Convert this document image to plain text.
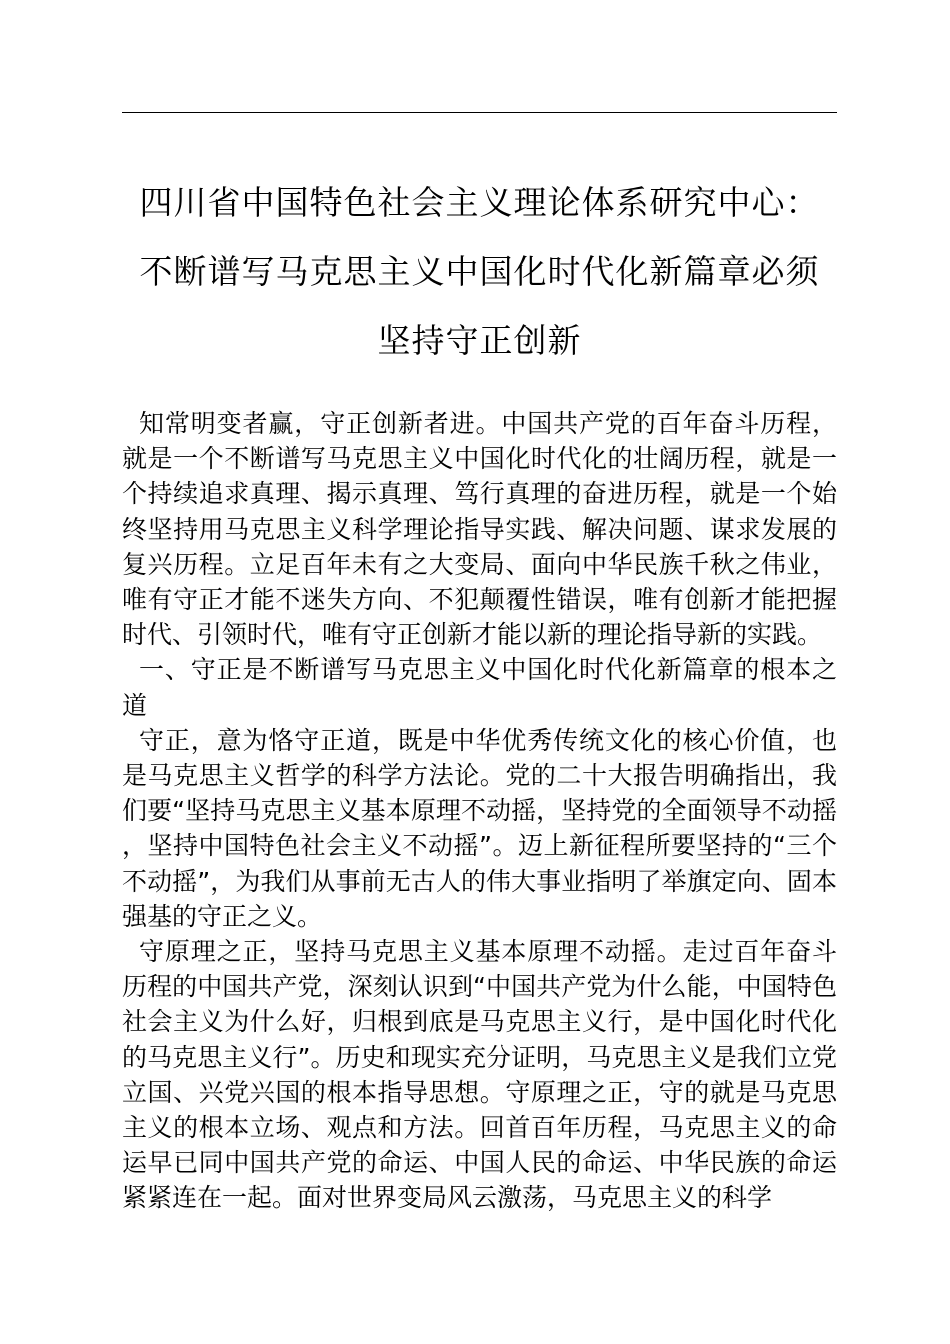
四川省中国特色社会主义理论体系研究中心：
不断谱写马克思主义中国化时代化新篇章必须
坚持守正创新

知常明变者赢，守正创新者进。中国共产党的百年奋斗历程，就是一个不断谱写马克思主义中国化时代化的壮阔历程，就是一个持续追求真理、揭示真理、笃行真理的奋进历程，就是一个始终坚持用马克思主义科学理论指导实践、解决问题、谋求发展的复兴历程。立足百年未有之大变局、面向中华民族千秋之伟业，唯有守正才能不迷失方向、不犯颠覆性错误，唯有创新才能把握时代、引领时代，唯有守正创新才能以新的理论指导新的实践。

一、守正是不断谱写马克思主义中国化时代化新篇章的根本之道

守正，意为恪守正道，既是中华优秀传统文化的核心价值，也是马克思主义哲学的科学方法论。党的二十大报告明确指出，我们要“坚持马克思主义基本原理不动摇，坚持党的全面领导不动摇，坚持中国特色社会主义不动摇”。迈上新征程所要坚持的“三个不动摇”，为我们从事前无古人的伟大事业指明了举旗定向、固本强基的守正之义。

守原理之正，坚持马克思主义基本原理不动摇。走过百年奋斗历程的中国共产党，深刻认识到“中国共产党为什么能，中国特色社会主义为什么好，归根到底是马克思主义行，是中国化时代化的马克思主义行”。历史和现实充分证明，马克思主义是我们立党立国、兴党兴国的根本指导思想。守原理之正，守的就是马克思主义的根本立场、观点和方法。回首百年历程，马克思主义的命运早已同中国共产党的命运、中国人民的命运、中华民族的命运紧紧连在一起。面对世界变局风云激荡，马克思主义的科学
